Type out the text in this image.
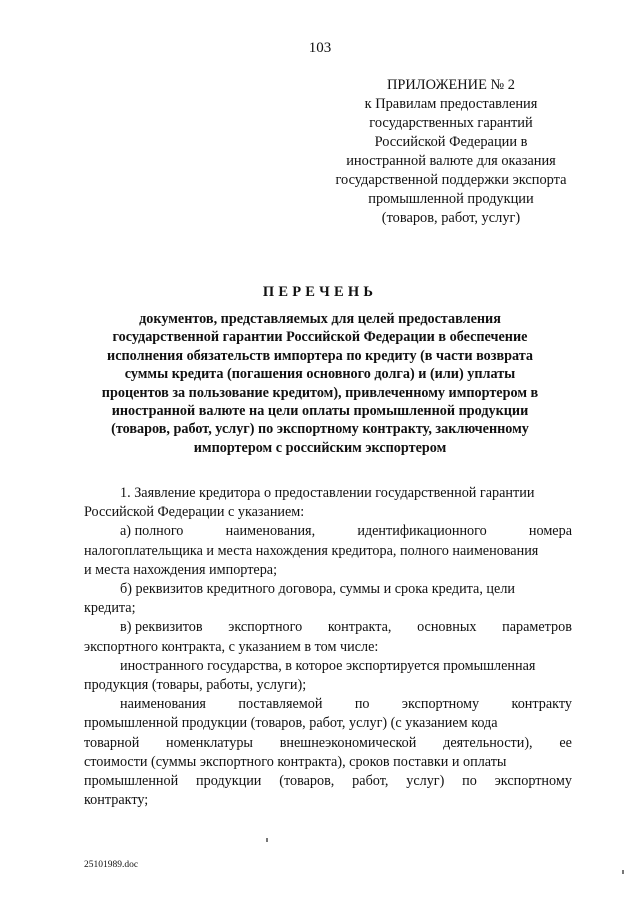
103
ПРИЛОЖЕНИЕ № 2
к Правилам предоставления
государственных гарантий
Российской Федерации в
иностранной валюте для оказания
государственной поддержки экспорта
промышленной продукции
(товаров, работ, услуг)
ПЕРЕЧЕНЬ
документов, представляемых для целей предоставления
государственной гарантии Российской Федерации в обеспечение
исполнения обязательств импортера по кредиту (в части возврата
суммы кредита (погашения основного долга) и (или) уплаты
процентов за пользование кредитом), привлеченному импортером в
иностранной валюте на цели оплаты промышленной продукции
(товаров, работ, услуг) по экспортному контракту, заключенному
импортером с российским экспортером
1. Заявление кредитора о предоставлении государственной гарантии
Российской Федерации с указанием:
а) полного	наименования,	идентификационного	номера
налогоплательщика и места нахождения кредитора, полного наименования
и места нахождения импортера;
б) реквизитов кредитного договора, суммы и срока кредита, цели
кредита;
в) реквизитов экспортного контракта, основных параметров
экспортного контракта, с указанием в том числе:
иностранного государства, в которое экспортируется промышленная
продукция (товары, работы, услуги);
наименования поставляемой по экспортному контракту
промышленной продукции (товаров, работ, услуг) (с указанием кода
товарной номенклатуры внешнеэкономической деятельности), ее
стоимости (суммы экспортного контракта), сроков поставки и оплаты
промышленной продукции (товаров, работ, услуг) по экспортному
контракту;
25101989.doc
